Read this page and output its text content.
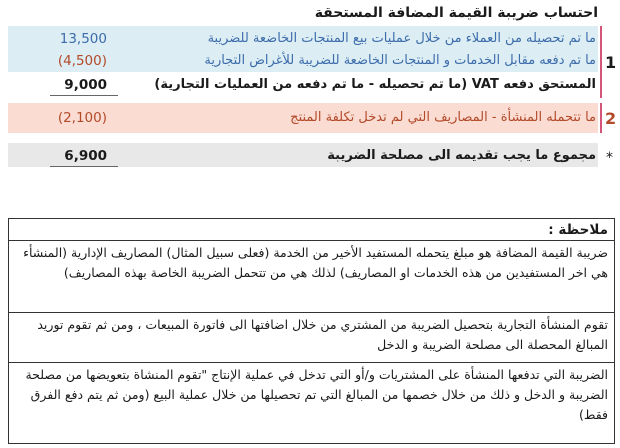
احتساب ضريبة القيمة المضافة المستحقة
ما تم تحصيله من العملاء من خلال عمليات بيع المنتجات الخاضعة للضريبة
13,500
ما تم دفعه مقابل الخدمات و المنتجات الخاضعة للضريبة للأغراض التجارية
(4,500)
المستحق دفعه VAT (ما تم تحصيله - ما تم دفعه من العمليات التجارية)
9,000
1
ما تتحمله المنشأة - المصاريف التي لم تدخل تكلفة المنتج
(2,100)	2
مجموع ما يجب تقديمه الى مصلحة الضريبة
6,900	*
ملاحظة :
ضريبة القيمة المضافة هو مبلغ يتحمله المستفيد الأخير من الخدمة (فعلى سبيل المثال) المصاريف الإدارية (المنشأء هي اخر المستفيدين من هذه الخدمات او المصاريف) لذلك هي من تتحمل الضريبة الخاصة بهذه المصاريف)
تقوم المنشأة التجارية بتحصيل الضريبة من المشتري من خلال اضافتها الى فاتورة المبيعات ، ومن ثم تقوم توريد المبالغ المحصلة الى مصلحة الضريبة و الدخل
الضريبة التي تدفعها المنشأة على المشتريات و/أو التي تدخل في عملية الإنتاج "تقوم المنشاة بتعويضها من مصلحة الضريبة و الدخل و ذلك من خلال خصمها من المبالغ التي تم تحصيلها من خلال عملية البيع (ومن ثم يتم دفع الفرق فقط)
